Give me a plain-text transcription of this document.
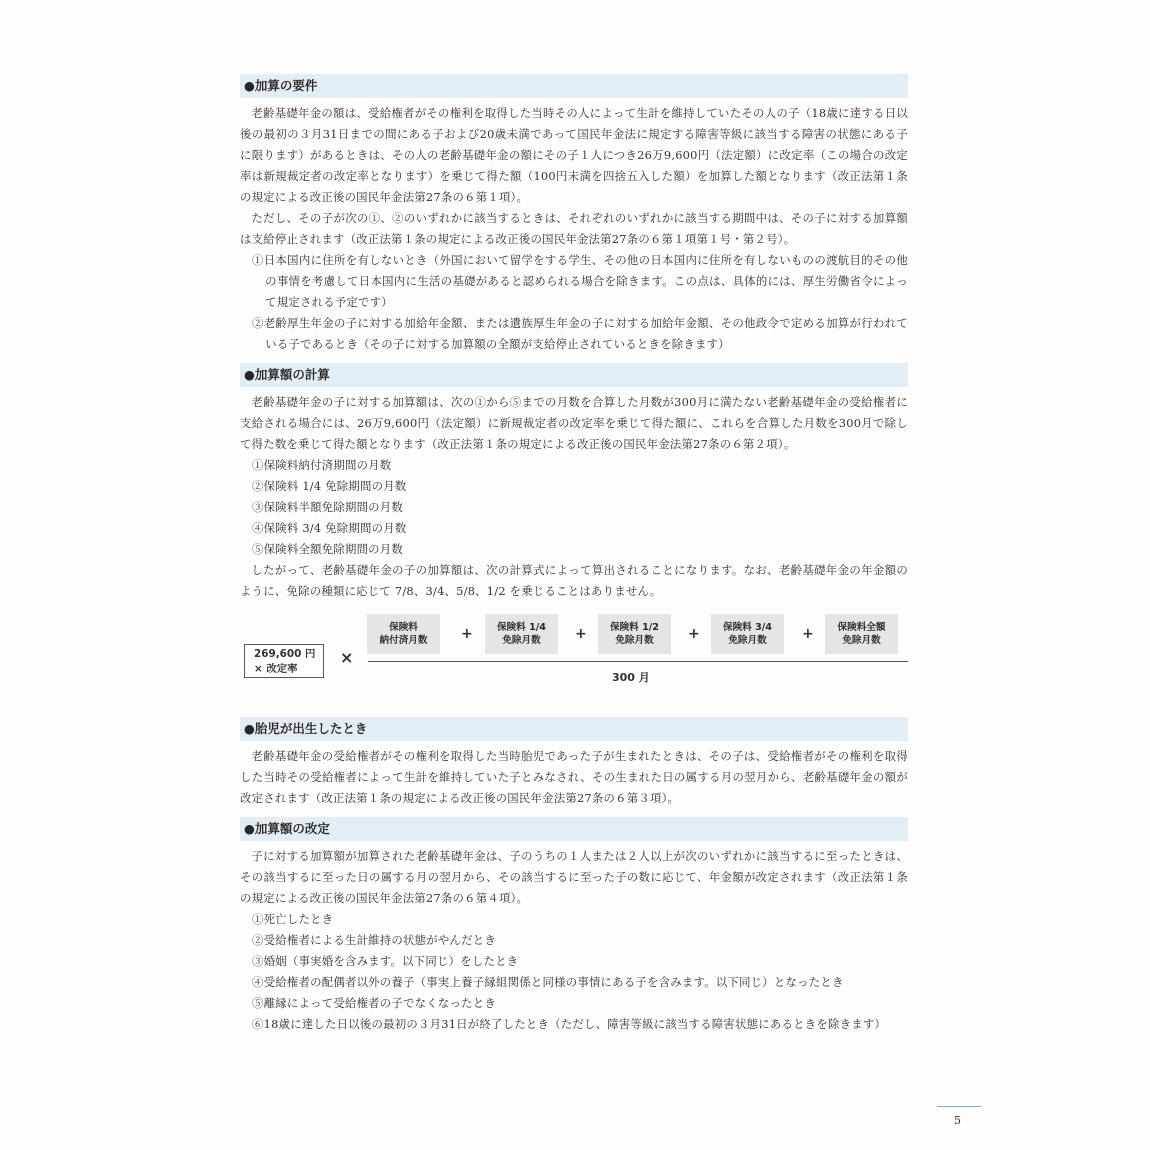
●加算の要件

老齢基礎年金の額は、受給権者がその権利を取得した当時その人によって生計を維持していたその人の子（18歳に達する日以後の最初の３月31日までの間にある子および20歳未満であって国民年金法に規定する障害等級に該当する障害の状態にある子に限ります）があるときは、その人の老齢基礎年金の額にその子１人につき26万9,600円（法定額）に改定率（この場合の改定率は新規裁定者の改定率となります）を乗じて得た額（100円未満を四捨五入した額）を加算した額となります（改正法第１条の規定による改正後の国民年金法第27条の６第１項）。

ただし、その子が次の①、②のいずれかに該当するときは、それぞれのいずれかに該当する期間中は、その子に対する加算額は支給停止されます（改正法第１条の規定による改正後の国民年金法第27条の６第１項第１号・第２号）。

①日本国内に住所を有しないとき（外国において留学をする学生、その他の日本国内に住所を有しないものの渡航目的その他の事情を考慮して日本国内に生活の基礎があると認められる場合を除きます。この点は、具体的には、厚生労働省令によって規定される予定です）

②老齢厚生年金の子に対する加給年金額、または遺族厚生年金の子に対する加給年金額、その他政令で定める加算が行われている子であるとき（その子に対する加算額の全額が支給停止されているときを除きます）

●加算額の計算

老齢基礎年金の子に対する加算額は、次の①から⑤までの月数を合算した月数が300月に満たない老齢基礎年金の受給権者に支給される場合には、26万9,600円（法定額）に新規裁定者の改定率を乗じて得た額に、これらを合算した月数を300月で除して得た数を乗じて得た額となります（改正法第１条の規定による改正後の国民年金法第27条の６第２項）。

①保険料納付済期間の月数

②保険料 1/4 免除期間の月数

③保険料半額免除期間の月数

④保険料 3/4 免除期間の月数

⑤保険料全額免除期間の月数

したがって、老齢基礎年金の子の加算額は、次の計算式によって算出されることになります。なお、老齢基礎年金の年金額のように、免除の種類に応じて 7/8、3/4、5/8、1/2 を乗じることはありません。

269,600 円
× 改定率
×
保険料
納付済月数 +	保険料 1/4
免除月数 + 保険料 1/2
免除月数 + 保険料 3/4
免除月数	+ 保険料全額
免除月数
300 月
●胎児が出生したとき

老齢基礎年金の受給権者がその権利を取得した当時胎児であった子が生まれたときは、その子は、受給権者がその権利を取得した当時その受給権者によって生計を維持していた子とみなされ、その生まれた日の属する月の翌月から、老齢基礎年金の額が改定されます（改正法第１条の規定による改正後の国民年金法第27条の６第３項）。

●加算額の改定

子に対する加算額が加算された老齢基礎年金は、子のうちの１人または２人以上が次のいずれかに該当するに至ったときは、その該当するに至った日の属する月の翌月から、その該当するに至った子の数に応じて、年金額が改定されます（改正法第１条の規定による改正後の国民年金法第27条の６第４項）。

①死亡したとき

②受給権者による生計維持の状態がやんだとき

③婚姻（事実婚を含みます。以下同じ）をしたとき

④受給権者の配偶者以外の養子（事実上養子縁組関係と同様の事情にある子を含みます。以下同じ）となったとき

⑤離縁によって受給権者の子でなくなったとき

⑥18歳に達した日以後の最初の３月31日が終了したとき（ただし、障害等級に該当する障害状態にあるときを除きます）

5
